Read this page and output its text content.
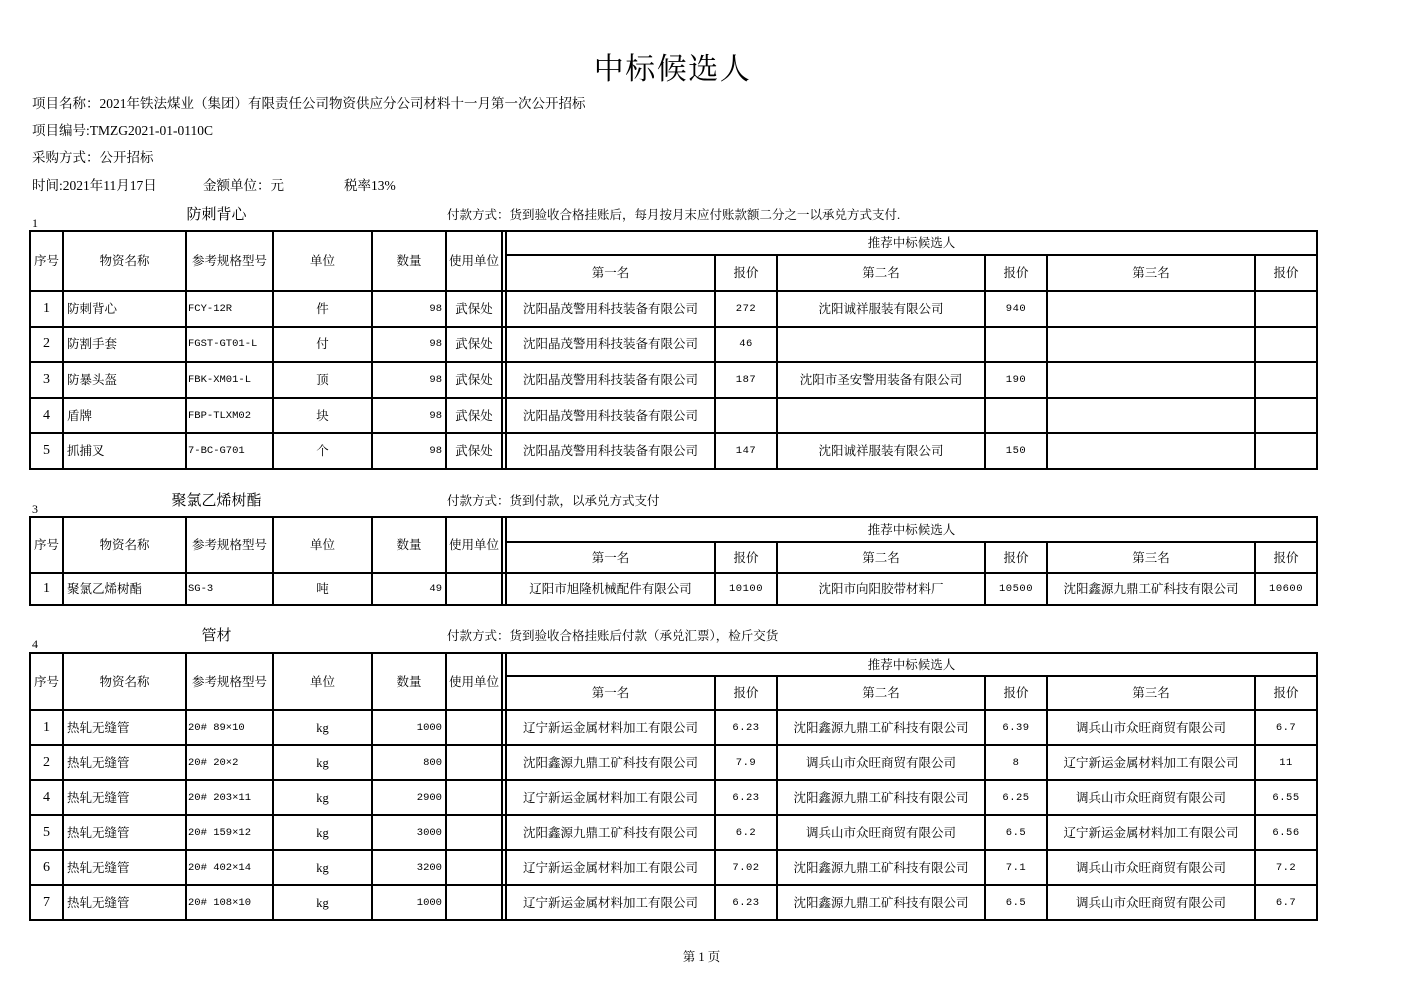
中标候选人
项目名称：2021年铁法煤业（集团）有限责任公司物资供应分公司材料十一月第一次公开招标
项目编号:TMZG2021-01-0110C
采购方式：公开招标
时间:2021年11月17日	金额单位：元	税率13%
1	防刺背心	付款方式：货到验收合格挂账后，每月按月末应付账款额二分之一以承兑方式支付.
序号	物资名称	参考规格型号	单位	数量	使用单位		推荐中标候选人					
							第一名	报价	第二名	报价	第三名	报价
1	防刺背心	FCY-12R	件	98	武保处		沈阳晶茂警用科技装备有限公司	272	沈阳诚祥服装有限公司	940		
2	防割手套	FGST-GT01-L	付	98	武保处		沈阳晶茂警用科技装备有限公司	46				
3	防暴头盔	FBK-XM01-L	顶	98	武保处		沈阳晶茂警用科技装备有限公司	187	沈阳市圣安警用装备有限公司	190		
4	盾牌	FBP-TLXM02	块	98	武保处		沈阳晶茂警用科技装备有限公司					
5	抓捕叉	7-BC-G701	个	98	武保处		沈阳晶茂警用科技装备有限公司	147	沈阳诚祥服装有限公司	150		
3	聚氯乙烯树酯	付款方式：货到付款，以承兑方式支付
序号	物资名称	参考规格型号	单位	数量	使用单位		推荐中标候选人					
							第一名	报价	第二名	报价	第三名	报价
1	聚氯乙烯树酯	SG-3	吨	49			辽阳市旭隆机械配件有限公司	10100	沈阳市向阳胶带材料厂	10500	沈阳鑫源九鼎工矿科技有限公司	10600
4	管材	付款方式：货到验收合格挂账后付款（承兑汇票），检斤交货
序号	物资名称	参考规格型号	单位	数量	使用单位		推荐中标候选人					
							第一名	报价	第二名	报价	第三名	报价
1	热轧无缝管	20# 89×10	kg	1000			辽宁新运金属材料加工有限公司	6.23	沈阳鑫源九鼎工矿科技有限公司	6.39	调兵山市众旺商贸有限公司	6.7
2	热轧无缝管	20# 20×2	kg	800			沈阳鑫源九鼎工矿科技有限公司	7.9	调兵山市众旺商贸有限公司	8	辽宁新运金属材料加工有限公司	11
4	热轧无缝管	20# 203×11	kg	2900			辽宁新运金属材料加工有限公司	6.23	沈阳鑫源九鼎工矿科技有限公司	6.25	调兵山市众旺商贸有限公司	6.55
5	热轧无缝管	20# 159×12	kg	3000			沈阳鑫源九鼎工矿科技有限公司	6.2	调兵山市众旺商贸有限公司	6.5	辽宁新运金属材料加工有限公司	6.56
6	热轧无缝管	20# 402×14	kg	3200			辽宁新运金属材料加工有限公司	7.02	沈阳鑫源九鼎工矿科技有限公司	7.1	调兵山市众旺商贸有限公司	7.2
7	热轧无缝管	20# 108×10	kg	1000			辽宁新运金属材料加工有限公司	6.23	沈阳鑫源九鼎工矿科技有限公司	6.5	调兵山市众旺商贸有限公司	6.7
第 1 页
